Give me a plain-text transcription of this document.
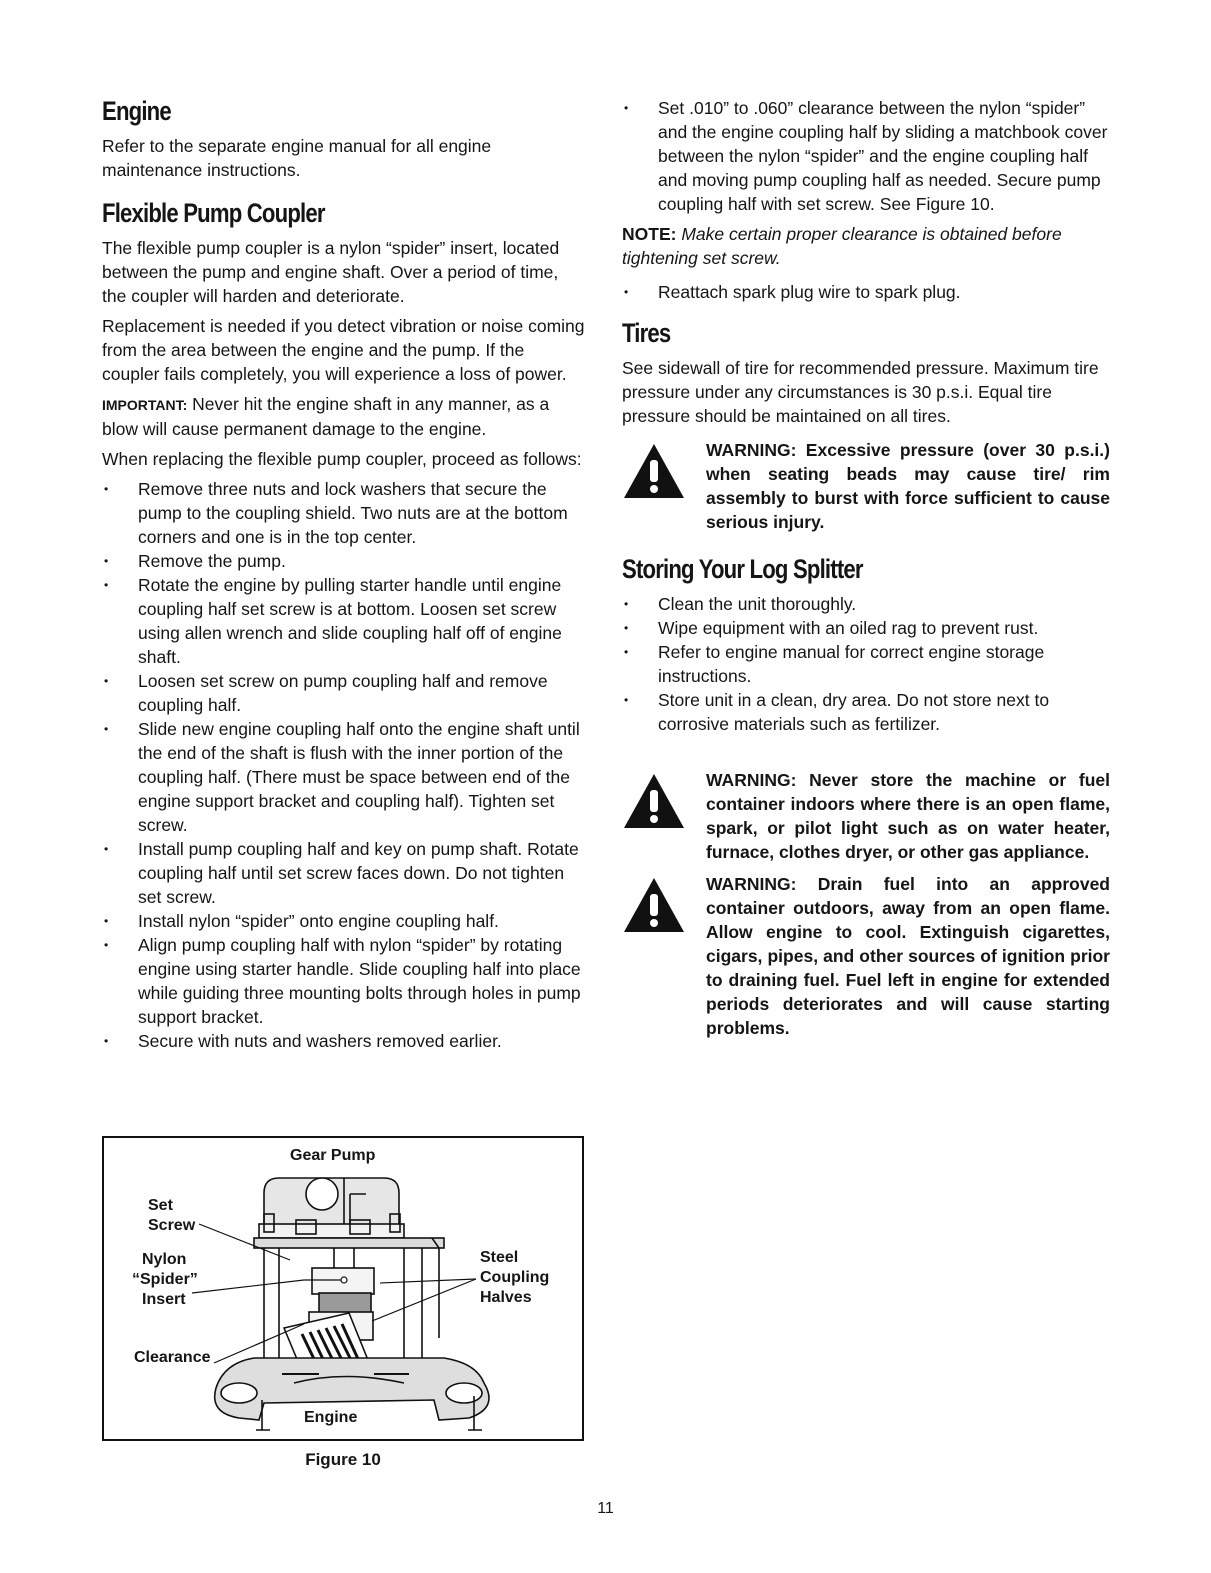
Engine

Refer to the separate engine manual for all engine maintenance instructions.

Flexible Pump Coupler

The flexible pump coupler is a nylon “spider” insert, located between the pump and engine shaft. Over a period of time, the coupler will harden and deteriorate.

Replacement is needed if you detect vibration or noise coming from the area between the engine and the pump. If the coupler fails completely, you will experience a loss of power.

IMPORTANT: Never hit the engine shaft in any manner, as a blow will cause permanent damage to the engine.

When replacing the flexible pump coupler, proceed as follows:

• Remove three nuts and lock washers that secure the pump to the coupling shield. Two nuts are at the bottom corners and one is in the top center.
• Remove the pump.
• Rotate the engine by pulling starter handle until engine coupling half set screw is at bottom. Loosen set screw using allen wrench and slide coupling half off of engine shaft.
• Loosen set screw on pump coupling half and remove coupling half.
• Slide new engine coupling half onto the engine shaft until the end of the shaft is flush with the inner portion of the coupling half. (There must be space between end of the engine support bracket and coupling half). Tighten set screw.
• Install pump coupling half and key on pump shaft. Rotate coupling half until set screw faces down. Do not tighten set screw.
• Install nylon “spider” onto engine coupling half.
• Align pump coupling half with nylon “spider” by rotating engine using starter handle. Slide coupling half into place while guiding three mounting bolts through holes in pump support bracket.
• Secure with nuts and washers removed earlier.
Gear Pump
Set
Screw
Nylon
“Spider”
Insert
Clearance
Steel
Coupling
Halves
Engine
Figure 10
• Set .010” to .060” clearance between the nylon “spider” and the engine coupling half by sliding a matchbook cover between the nylon “spider” and the engine coupling half and moving pump coupling half as needed. Secure pump coupling half with set screw. See Figure 10.

NOTE: Make certain proper clearance is obtained before tightening set screw.

• Reattach spark plug wire to spark plug.
Tires

See sidewall of tire for recommended pressure. Maximum tire pressure under any circumstances is 30 p.s.i. Equal tire pressure should be maintained on all tires.

WARNING: Excessive pressure (over 30 p.s.i.) when seating beads may cause tire/ rim assembly to burst with force sufficient to cause serious injury.
Storing Your Log Splitter
• Clean the unit thoroughly.
• Wipe equipment with an oiled rag to prevent rust.
• Refer to engine manual for correct engine storage instructions.
• Store unit in a clean, dry area. Do not store next to corrosive materials such as fertilizer.
WARNING: Never store the machine or fuel container indoors where there is an open flame, spark, or pilot light such as on water heater, furnace, clothes dryer, or other gas appliance.
WARNING: Drain fuel into an approved container outdoors, away from an open flame. Allow engine to cool. Extinguish cigarettes, cigars, pipes, and other sources of ignition prior to draining fuel. Fuel left in engine for extended periods deteriorates and will cause starting problems.
11
